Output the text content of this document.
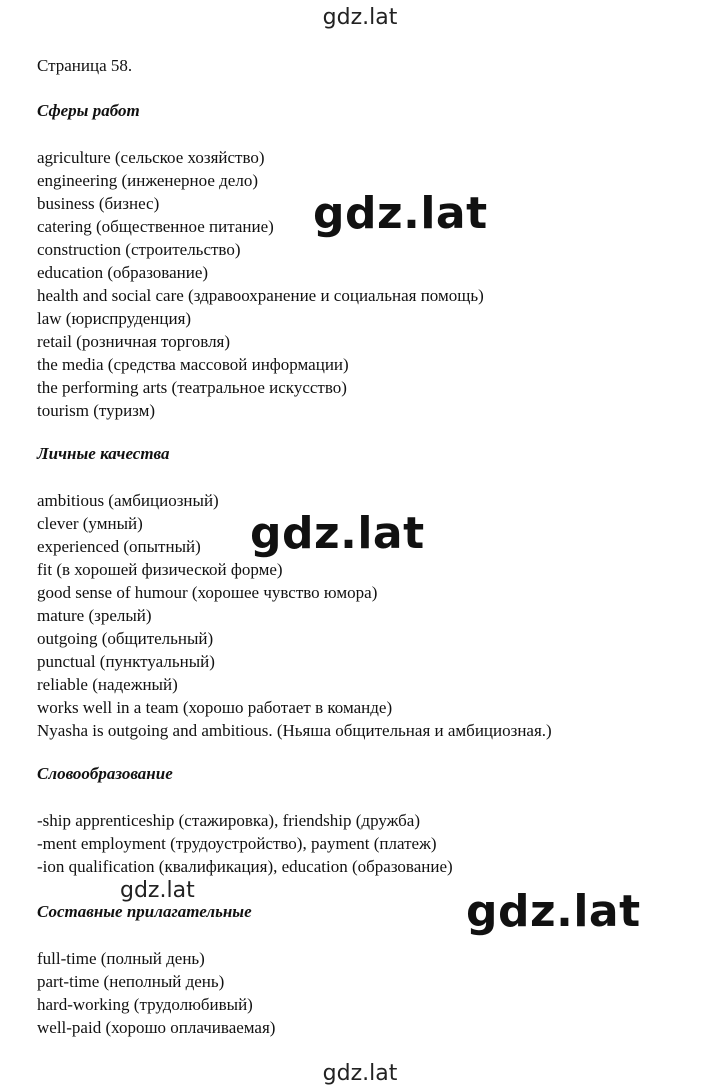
gdz.lat
Страница 58.
Сферы работ
agriculture (сельское хозяйство)
engineering (инженерное дело)
business (бизнес)
catering (общественное питание)
construction (строительство)
education (образование)
health and social care (здравоохранение и социальная помощь)
law (юриспруденция)
retail (розничная торговля)
the media (средства массовой информации)
the performing arts (театральное искусство)
tourism (туризм)
Личные качества
ambitious (амбициозный)
clever (умный)
experienced (опытный)
fit (в хорошей физической форме)
good sense of humour (хорошее чувство юмора)
mature (зрелый)
outgoing (общительный)
punctual (пунктуальный)
reliable (надежный)
works well in a team (хорошо работает в команде)
Nyasha is outgoing and ambitious. (Ньяша общительная и амбициозная.)
Словообразование
-ship apprenticeship (стажировка), friendship (дружба)
-ment employment (трудоустройство), payment (платеж)
-ion qualification (квалификация), education (образование)
Составные прилагательные
full-time (полный день)
part-time (неполный день)
hard-working (трудолюбивый)
well-paid (хорошо оплачиваемая)
gdz.lat
gdz.lat
gdz.lat	gdz.lat
gdz.lat
